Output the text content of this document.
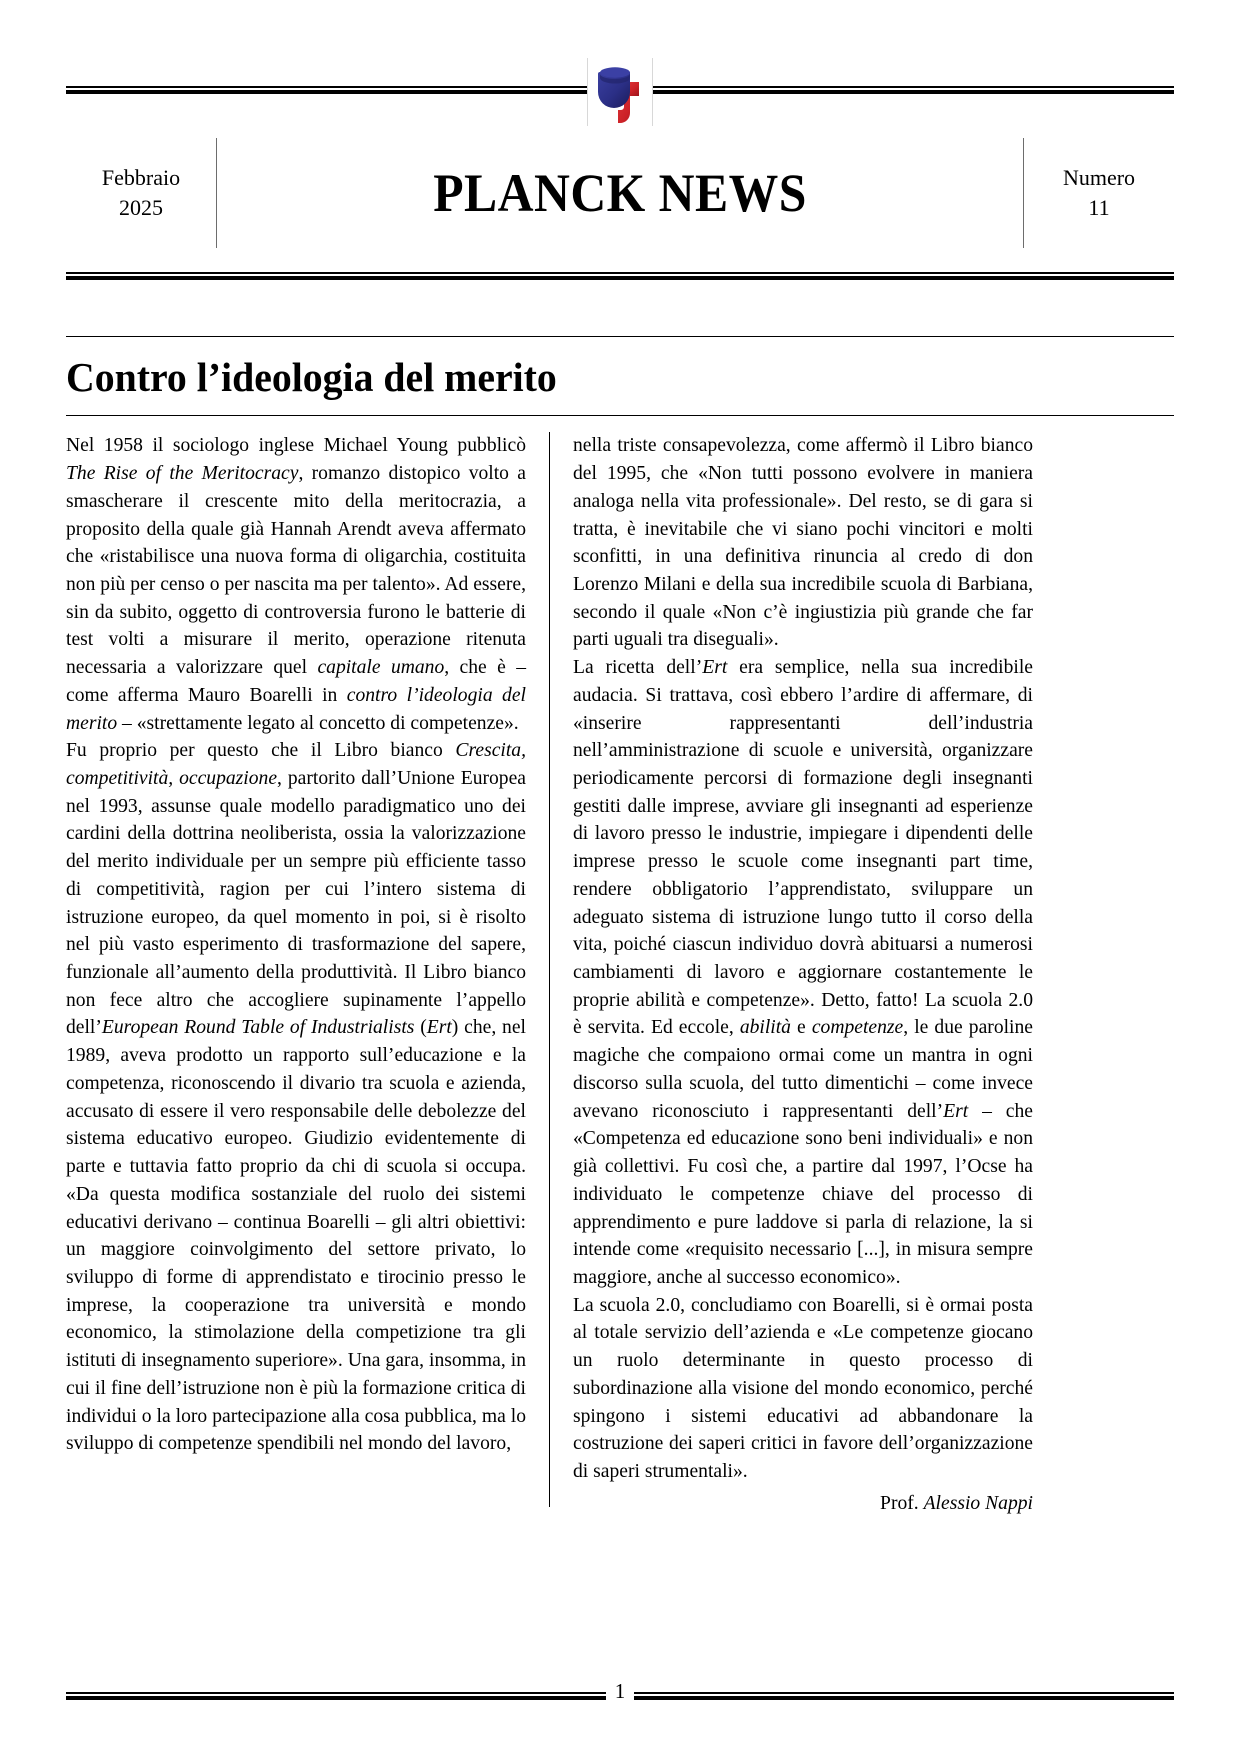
Febbraio
2025	PLANCK NEWS	Numero
11
Contro l’ideologia del merito

Nel 1958 il sociologo inglese Michael Young pubblicò The Rise of the Meritocracy, romanzo distopico volto a smascherare il crescente mito della meritocrazia, a proposito della quale già Hannah Arendt aveva affermato che «ristabilisce una nuova forma di oligarchia, costituita non più per censo o per nascita ma per talento». Ad essere, sin da subito, oggetto di controversia furono le batterie di test volti a misurare il merito, operazione ritenuta necessaria a valorizzare quel capitale umano, che è – come afferma Mauro Boarelli in contro l’ideologia del merito – «strettamente legato al concetto di competenze».

Fu proprio per questo che il Libro bianco Crescita, competitività, occupazione, partorito dall’Unione Europea nel 1993, assunse quale modello paradigmatico uno dei cardini della dottrina neoliberista, ossia la valorizzazione del merito individuale per un sempre più efficiente tasso di competitività, ragion per cui l’intero sistema di istruzione europeo, da quel momento in poi, si è risolto nel più vasto esperimento di trasformazione del sapere, funzionale all’aumento della produttività. Il Libro bianco non fece altro che accogliere supinamente l’appello dell’European Round Table of Industrialists (Ert) che, nel 1989, aveva prodotto un rapporto sull’educazione e la competenza, riconoscendo il divario tra scuola e azienda, accusato di essere il vero responsabile delle debolezze del sistema educativo europeo. Giudizio evidentemente di parte e tuttavia fatto proprio da chi di scuola si occupa. «Da questa modifica sostanziale del ruolo dei sistemi educativi derivano – continua Boarelli – gli altri obiettivi: un maggiore coinvolgimento del settore privato, lo sviluppo di forme di apprendistato e tirocinio presso le imprese, la cooperazione tra università e mondo economico, la stimolazione della competizione tra gli istituti di insegnamento superiore». Una gara, insomma, in cui il fine dell’istruzione non è più la formazione critica di individui o la loro partecipazione alla cosa pubblica, ma lo sviluppo di competenze spendibili nel mondo del lavoro,

nella triste consapevolezza, come affermò il Libro bianco del 1995, che «Non tutti possono evolvere in maniera analoga nella vita professionale». Del resto, se di gara si tratta, è inevitabile che vi siano pochi vincitori e molti sconfitti, in una definitiva rinuncia al credo di don Lorenzo Milani e della sua incredibile scuola di Barbiana, secondo il quale «Non c’è ingiustizia più grande che far parti uguali tra diseguali».

La ricetta dell’Ert era semplice, nella sua incredibile audacia. Si trattava, così ebbero l’ardire di affermare, di «inserire rappresentanti dell’industria nell’amministrazione di scuole e università, organizzare periodicamente percorsi di formazione degli insegnanti gestiti dalle imprese, avviare gli insegnanti ad esperienze di lavoro presso le industrie, impiegare i dipendenti delle imprese presso le scuole come insegnanti part time, rendere obbligatorio l’apprendistato, sviluppare un adeguato sistema di istruzione lungo tutto il corso della vita, poiché ciascun individuo dovrà abituarsi a numerosi cambiamenti di lavoro e aggiornare costantemente le proprie abilità e competenze». Detto, fatto! La scuola 2.0 è servita. Ed eccole, abilità e competenze, le due paroline magiche che compaiono ormai come un mantra in ogni discorso sulla scuola, del tutto dimentichi – come invece avevano riconosciuto i rappresentanti dell’Ert – che «Competenza ed educazione sono beni individuali» e non già collettivi. Fu così che, a partire dal 1997, l’Ocse ha individuato le competenze chiave del processo di apprendimento e pure laddove si parla di relazione, la si intende come «requisito necessario [...], in misura sempre maggiore, anche al successo economico».

La scuola 2.0, concludiamo con Boarelli, si è ormai posta al totale servizio dell’azienda e «Le competenze giocano un ruolo determinante in questo processo di subordinazione alla visione del mondo economico, perché spingono i sistemi educativi ad abbandonare la costruzione dei saperi critici in favore dell’organizzazione di saperi strumentali».

Prof. Alessio Nappi
1
